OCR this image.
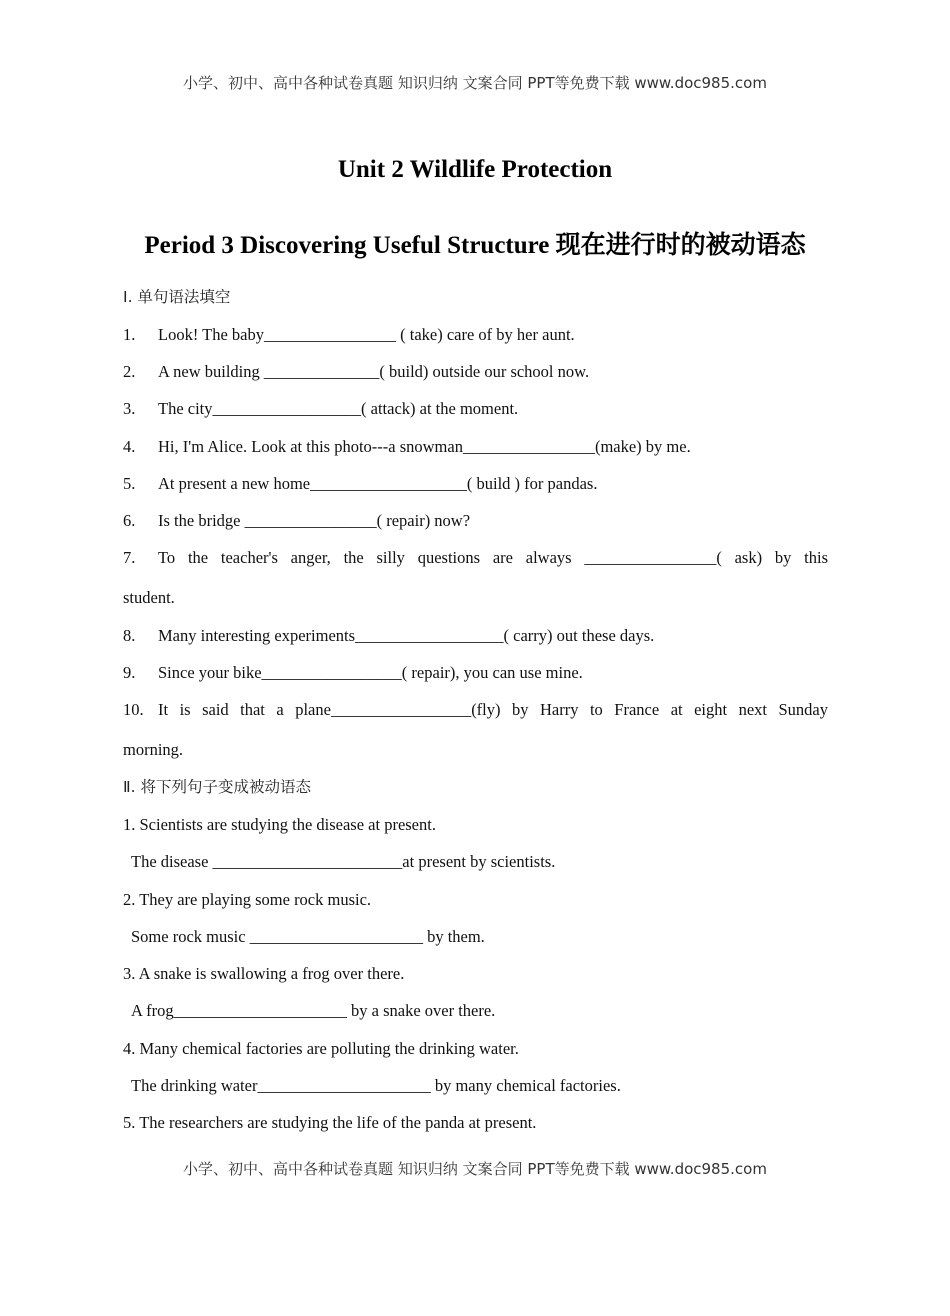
小学、初中、高中各种试卷真题 知识归纳 文案合同 PPT等免费下载 www.doc985.com
Unit 2 Wildlife Protection
Period 3 Discovering Useful Structure 现在进行时的被动语态
Ⅰ. 单句语法填空
1. Look! The baby________________ ( take) care of by her aunt.
2. A new building ______________( build) outside our school now.
3. The city__________________( attack) at the moment.
4. Hi, I'm Alice. Look at this photo---a snowman________________(make) by me.
5. At present a new home___________________( build ) for pandas.
6. Is the bridge ________________( repair) now?
7. To the teacher's anger, the silly questions are always ________________( ask) by this
student.
8. Many interesting experiments__________________( carry) out these days.
9. Since your bike_________________( repair), you can use mine.
10. It is said that a plane_________________(fly) by Harry to France at eight next Sunday
morning.
Ⅱ. 将下列句子变成被动语态
1. Scientists are studying the disease at present.
The disease _______________________at present by scientists.
2. They are playing some rock music.
Some rock music _____________________ by them.
3. A snake is swallowing a frog over there.
A frog_____________________ by a snake over there.
4. Many chemical factories are polluting the drinking water.
The drinking water_____________________ by many chemical factories.
5. The researchers are studying the life of the panda at present.
小学、初中、高中各种试卷真题 知识归纳 文案合同 PPT等免费下载 www.doc985.com
